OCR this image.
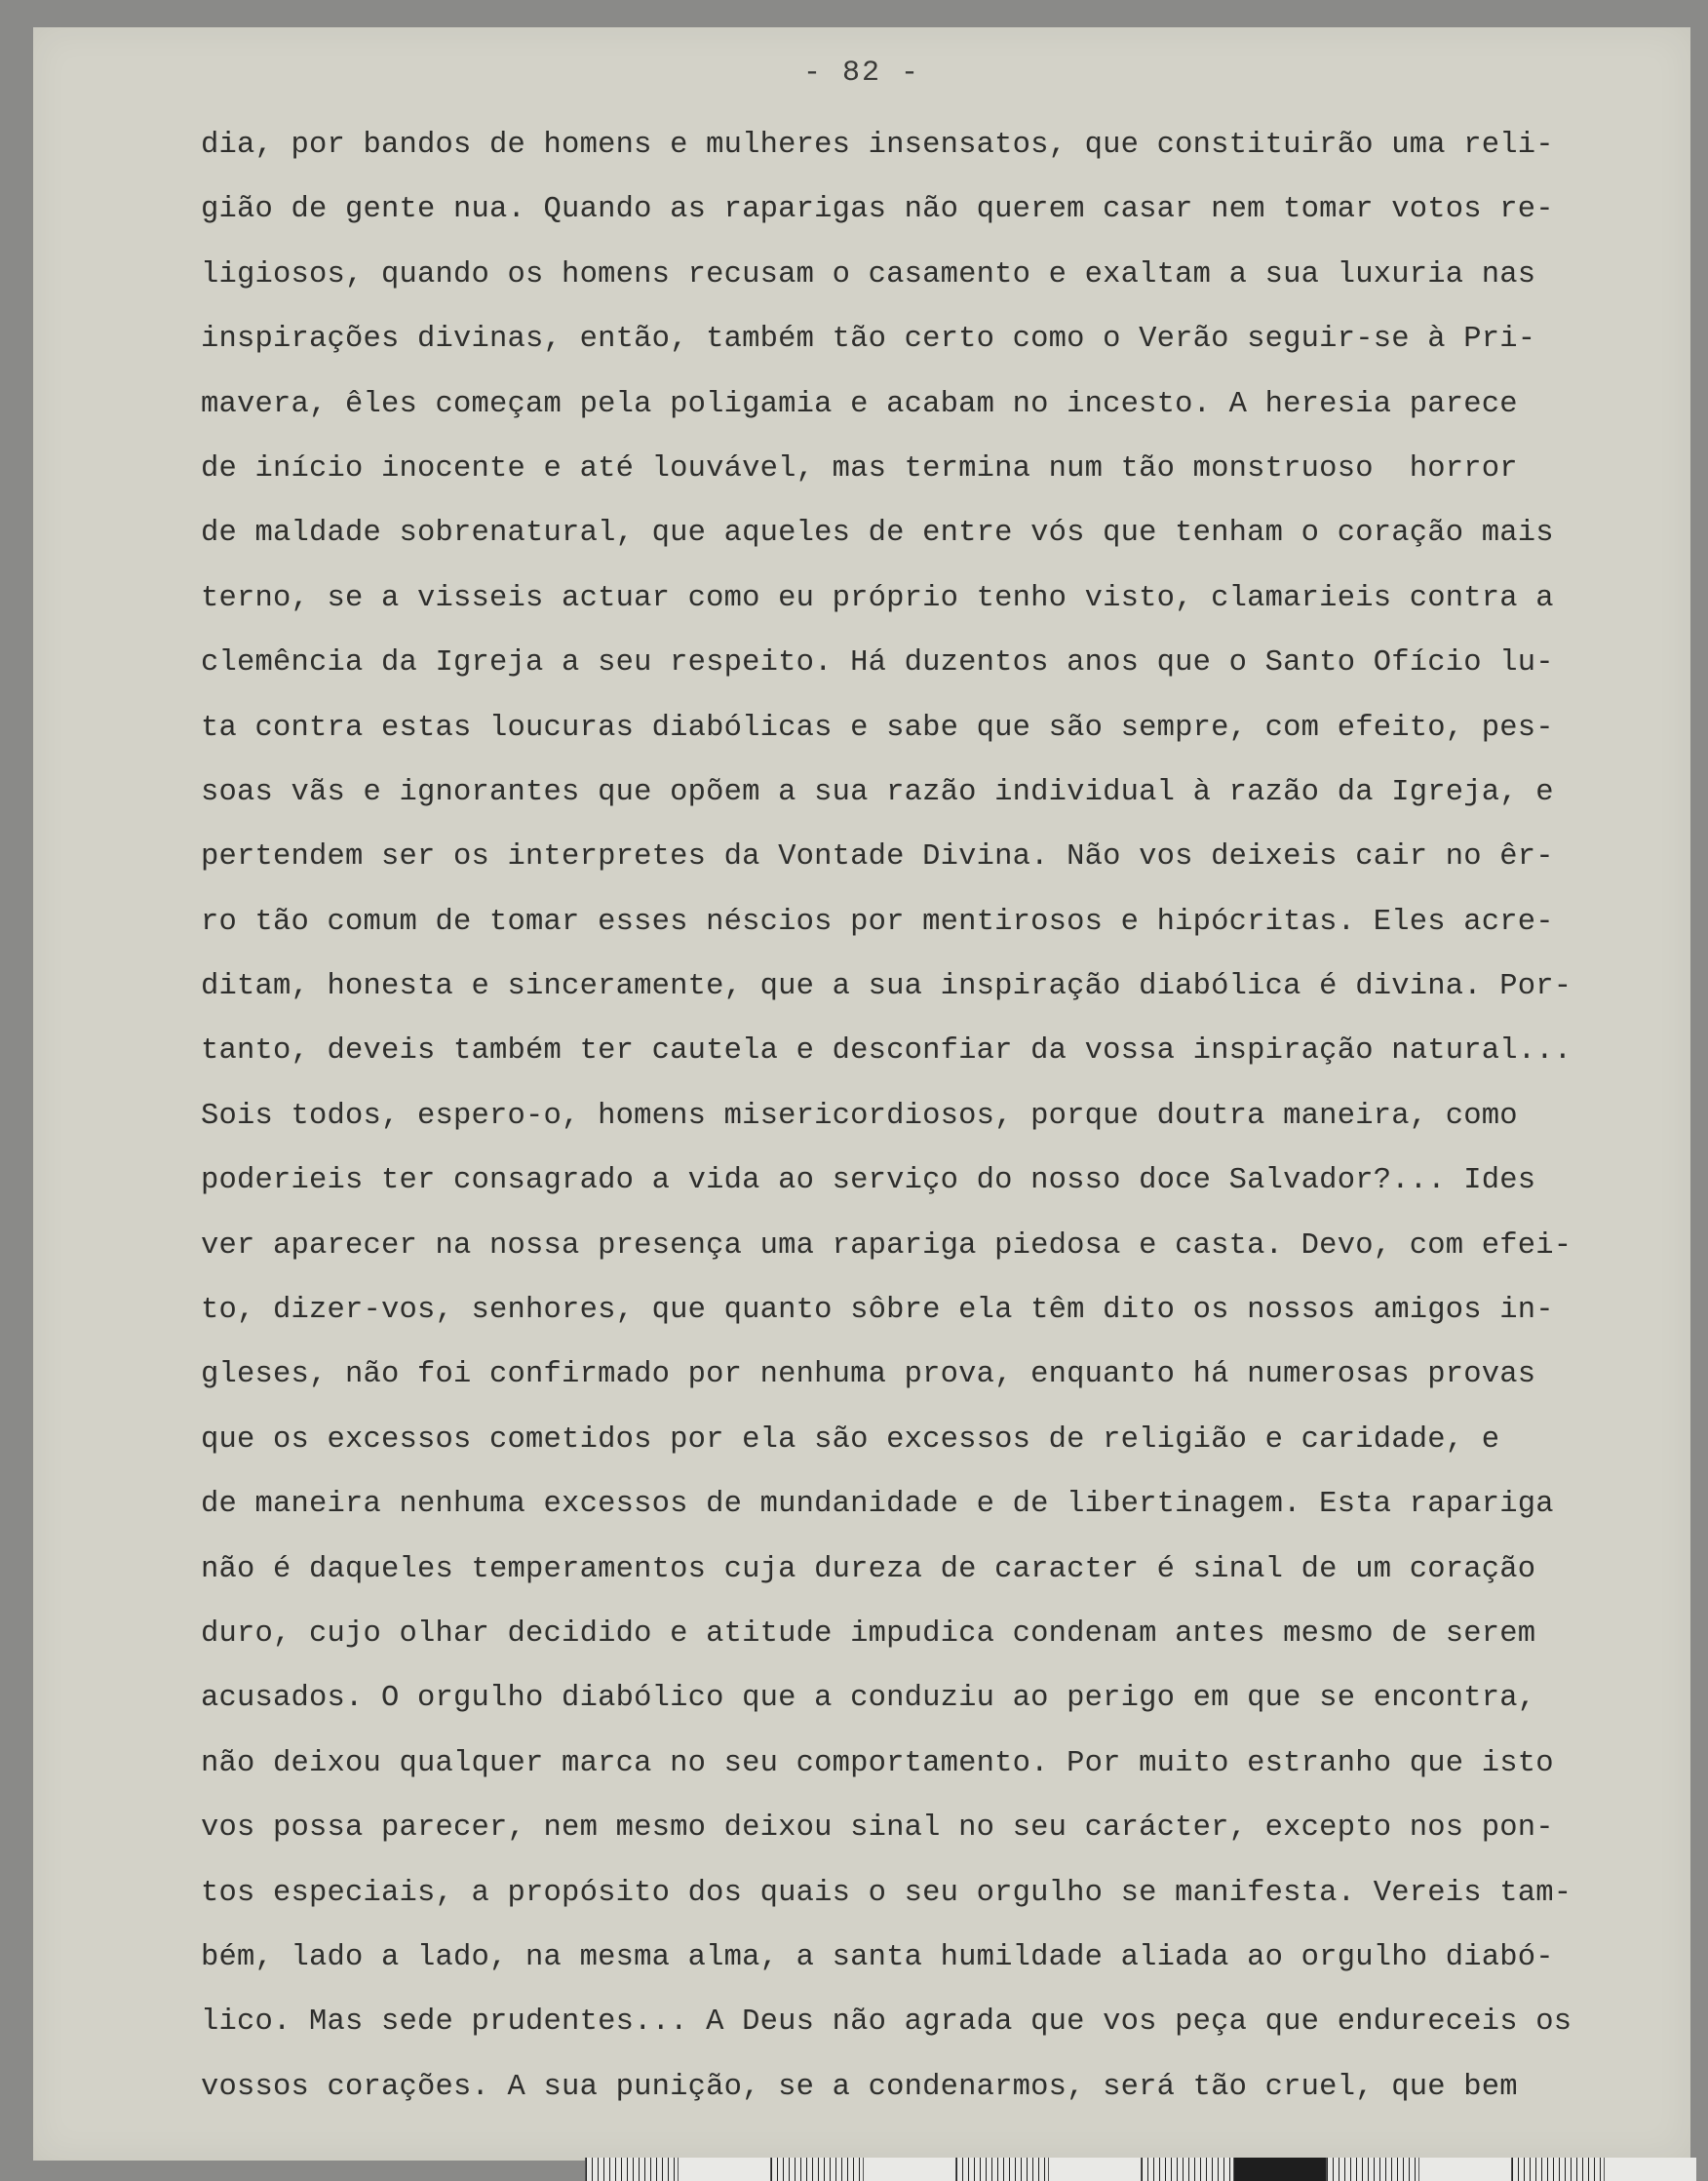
- 82 -
dia, por bandos de homens e mulheres insensatos, que constituirão uma reli-
gião de gente nua. Quando as raparigas não querem casar nem tomar votos re-
ligiosos, quando os homens recusam o casamento e exaltam a sua luxuria nas
inspirações divinas, então, também tão certo como o Verão seguir-se à Pri-
mavera, êles começam pela poligamia e acabam no incesto. A heresia parece
de início inocente e até louvável, mas termina num tão monstruoso  horror
de maldade sobrenatural, que aqueles de entre vós que tenham o coração mais
terno, se a visseis actuar como eu próprio tenho visto, clamarieis contra a
clemência da Igreja a seu respeito. Há duzentos anos que o Santo Ofício lu-
ta contra estas loucuras diabólicas e sabe que são sempre, com efeito, pes-
soas vãs e ignorantes que opõem a sua razão individual à razão da Igreja, e
pertendem ser os interpretes da Vontade Divina. Não vos deixeis cair no êr-
ro tão comum de tomar esses néscios por mentirosos e hipócritas. Eles acre-
ditam, honesta e sinceramente, que a sua inspiração diabólica é divina. Por-
tanto, deveis também ter cautela e desconfiar da vossa inspiração natural...
Sois todos, espero-o, homens misericordiosos, porque doutra maneira, como
poderieis ter consagrado a vida ao serviço do nosso doce Salvador?... Ides
ver aparecer na nossa presença uma rapariga piedosa e casta. Devo, com efei-
to, dizer-vos, senhores, que quanto sôbre ela têm dito os nossos amigos in-
gleses, não foi confirmado por nenhuma prova, enquanto há numerosas provas
que os excessos cometidos por ela são excessos de religião e caridade, e
de maneira nenhuma excessos de mundanidade e de libertinagem. Esta rapariga
não é daqueles temperamentos cuja dureza de caracter é sinal de um coração
duro, cujo olhar decidido e atitude impudica condenam antes mesmo de serem
acusados. O orgulho diabólico que a conduziu ao perigo em que se encontra,
não deixou qualquer marca no seu comportamento. Por muito estranho que isto
vos possa parecer, nem mesmo deixou sinal no seu carácter, excepto nos pon-
tos especiais, a propósito dos quais o seu orgulho se manifesta. Vereis tam-
bém, lado a lado, na mesma alma, a santa humildade aliada ao orgulho diabó-
lico. Mas sede prudentes... A Deus não agrada que vos peça que endureceis os
vossos corações. A sua punição, se a condenarmos, será tão cruel, que bem
